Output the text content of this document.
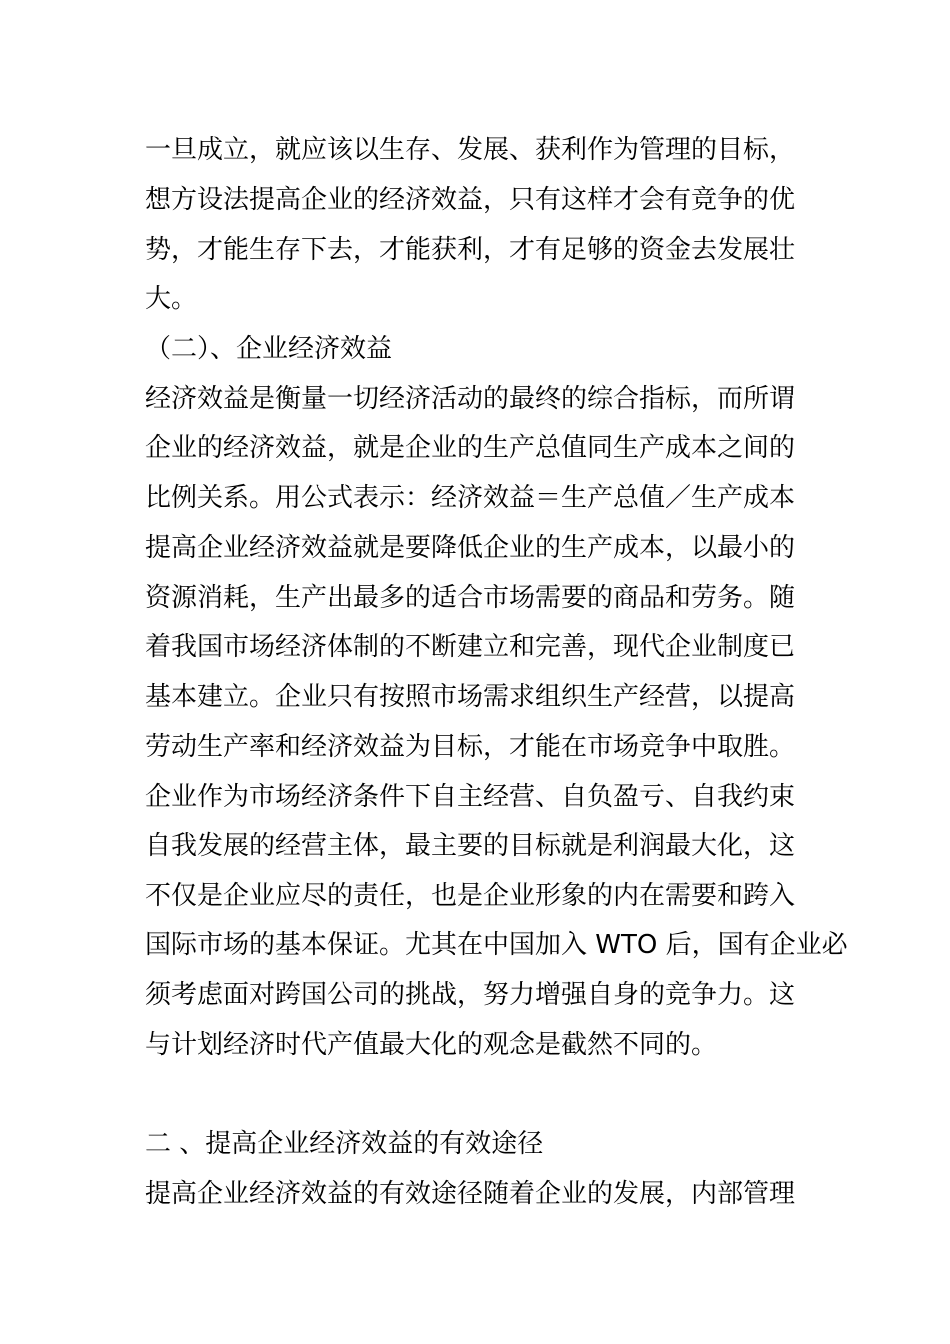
一旦成立，就应该以生存、发展、获利作为管理的目标，
想方设法提高企业的经济效益，只有这样才会有竞争的优
势，才能生存下去，才能获利，才有足够的资金去发展壮
大。
（二）、企业经济效益
经济效益是衡量一切经济活动的最终的综合指标，而所谓
企业的经济效益，就是企业的生产总值同生产成本之间的
比例关系。用公式表示：经济效益＝生产总值／生产成本
提高企业经济效益就是要降低企业的生产成本，以最小的
资源消耗，生产出最多的适合市场需要的商品和劳务。随
着我国市场经济体制的不断建立和完善，现代企业制度已
基本建立。企业只有按照市场需求组织生产经营，以提高
劳动生产率和经济效益为目标，才能在市场竞争中取胜。
企业作为市场经济条件下自主经营、自负盈亏、自我约束
自我发展的经营主体，最主要的目标就是利润最大化，这
不仅是企业应尽的责任，也是企业形象的内在需要和跨入
国际市场的基本保证。尤其在中国加入 WTO 后，国有企业必
须考虑面对跨国公司的挑战，努力增强自身的竞争力。这
与计划经济时代产值最大化的观念是截然不同的。
二 、提高企业经济效益的有效途径
提高企业经济效益的有效途径随着企业的发展，内部管理
